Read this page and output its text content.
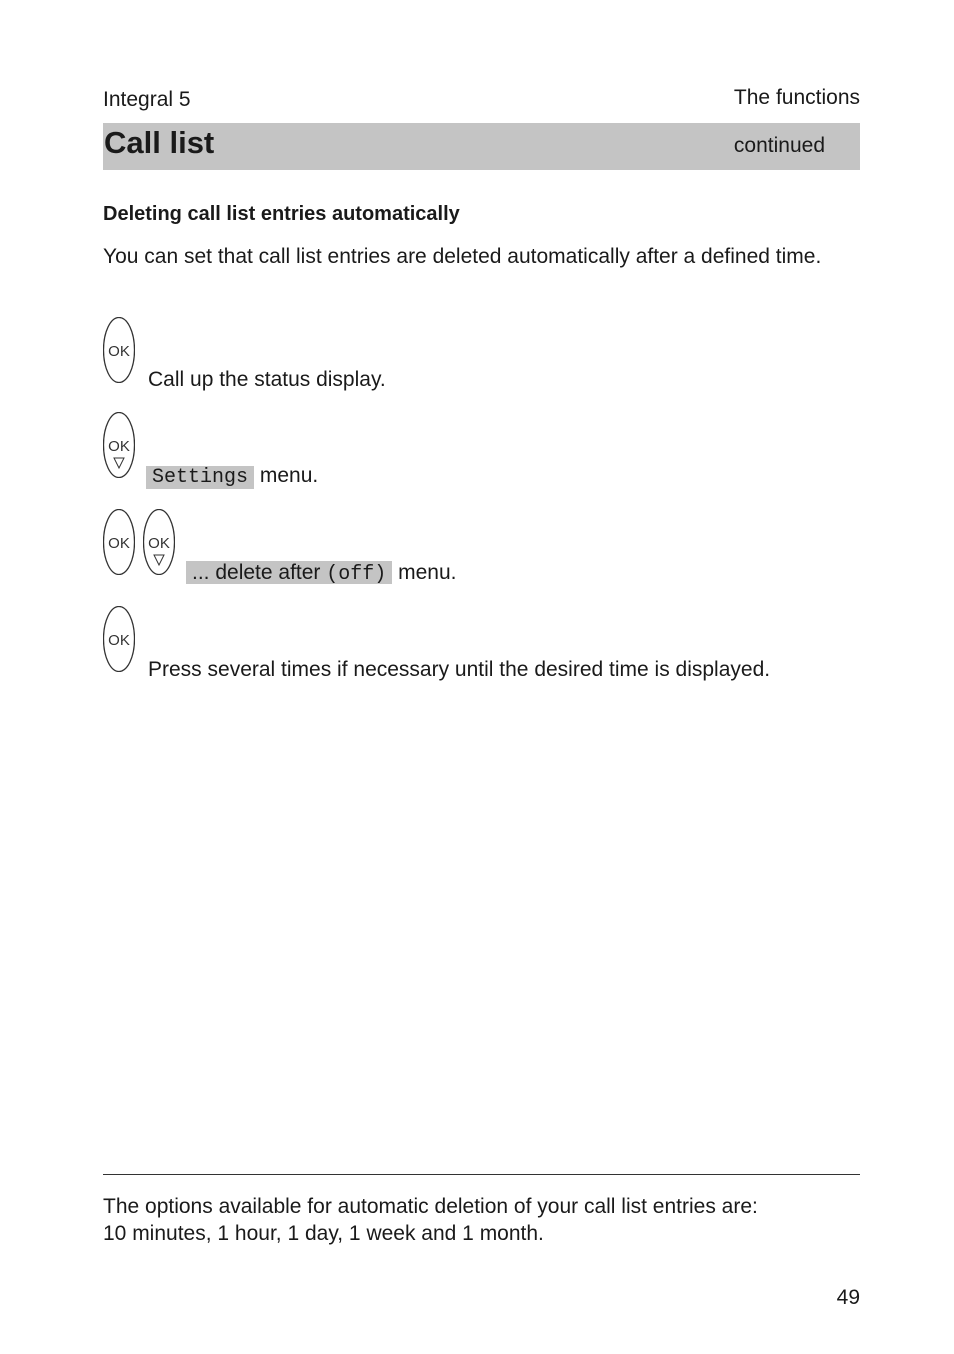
Integral 5	The functions
Call list	continued
Deleting call list entries automatically
You can set that call list entries are deleted automatically after a defined time.
OK
Call up the status display.
OK
Settings menu.
OK OK
... delete after (off) menu.
OK
Press several times if necessary until the desired time is displayed.
The options available for automatic deletion of your call list entries are:
10 minutes, 1 hour, 1 day, 1 week and 1 month.
49
